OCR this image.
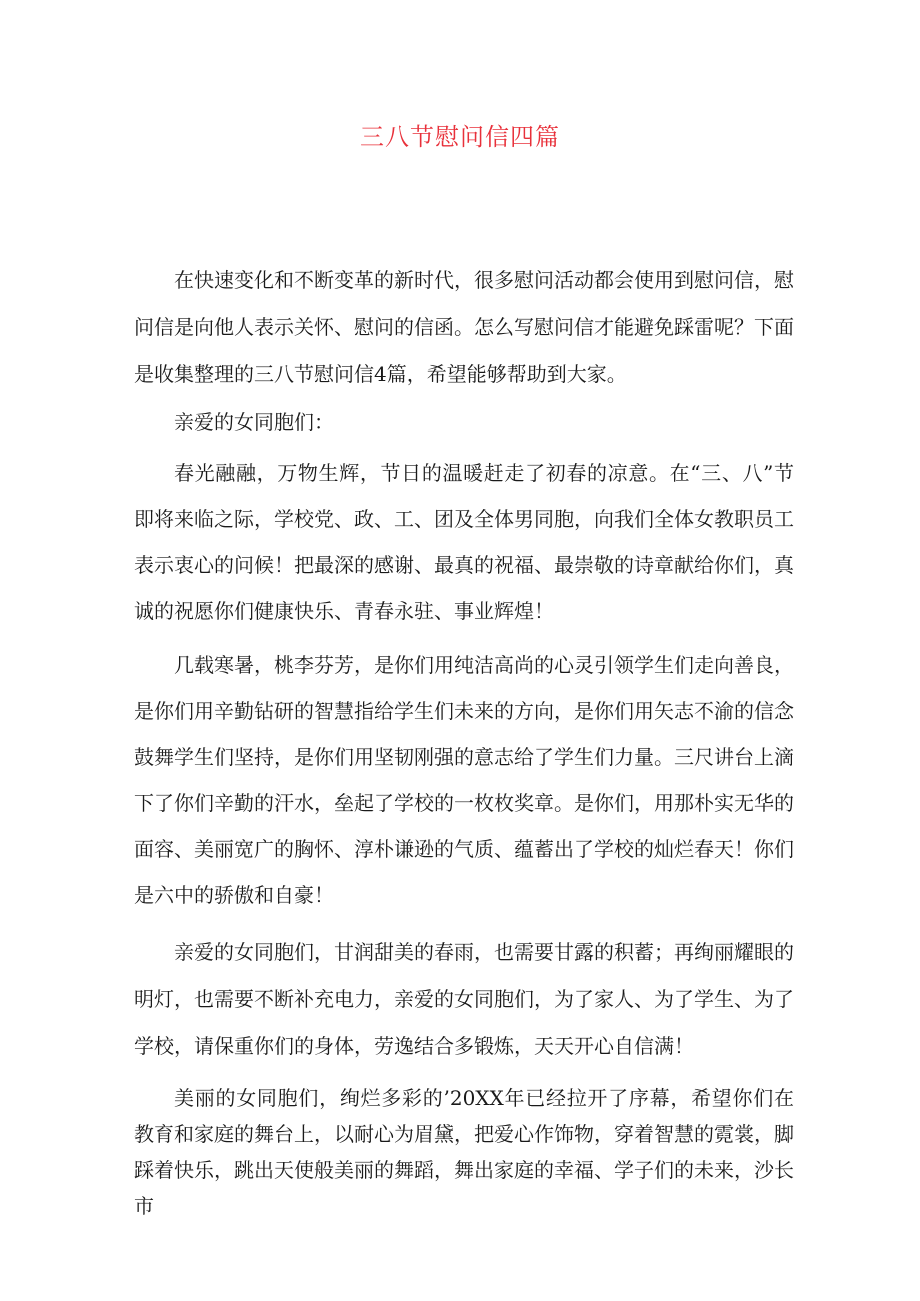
三八节慰问信四篇

在快速变化和不断变革的新时代，很多慰问活动都会使用到慰问信，慰问信是向他人表示关怀、慰问的信函。怎么写慰问信才能避免踩雷呢？下面是收集整理的三八节慰问信4篇，希望能够帮助到大家。

亲爱的女同胞们：

春光融融，万物生辉，节日的温暖赶走了初春的凉意。在“三、八”节即将来临之际，学校党、政、工、团及全体男同胞，向我们全体女教职员工表示衷心的问候！把最深的感谢、最真的祝福、最崇敬的诗章献给你们，真诚的祝愿你们健康快乐、青春永驻、事业辉煌！

几载寒暑，桃李芬芳，是你们用纯洁高尚的心灵引领学生们走向善良，是你们用辛勤钻研的智慧指给学生们未来的方向，是你们用矢志不渝的信念鼓舞学生们坚持，是你们用坚韧刚强的意志给了学生们力量。三尺讲台上滴下了你们辛勤的汗水，垒起了学校的一枚枚奖章。是你们，用那朴实无华的面容、美丽宽广的胸怀、淳朴谦逊的气质、蕴蓄出了学校的灿烂春天！你们是六中的骄傲和自豪！

亲爱的女同胞们，甘润甜美的春雨，也需要甘露的积蓄；再绚丽耀眼的明灯，也需要不断补充电力，亲爱的女同胞们，为了家人、为了学生、为了学校，请保重你们的身体，劳逸结合多锻炼，天天开心自信满！

美丽的女同胞们，绚烂多彩的’20XX年已经拉开了序幕，希望你们在教育和家庭的舞台上，以耐心为眉黛，把爱心作饰物，穿着智慧的霓裳，脚踩着快乐，跳出天使般美丽的舞蹈，舞出家庭的幸福、学子们的未来，沙长市
